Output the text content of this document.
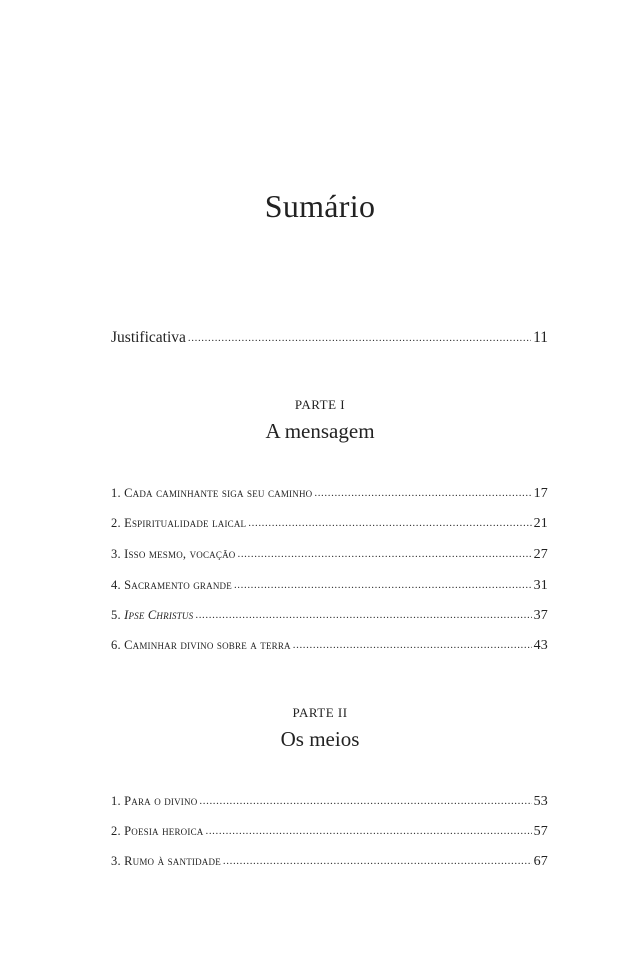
Sumário
Justificativa .....	11

PARTE I

A mensagem

1. Cada caminhante siga seu caminho .....	17
2. Espiritualidade laical .....	21
3. Isso mesmo, vocação .....	27
4. Sacramento grande .....	31
5. Ipse Christus .....	37
6. Caminhar divino sobre a terra .....	43

PARTE II

Os meios

1. Para o divino .....	53
2. Poesia heroica .....	57
3. Rumo à santidade .....	67
